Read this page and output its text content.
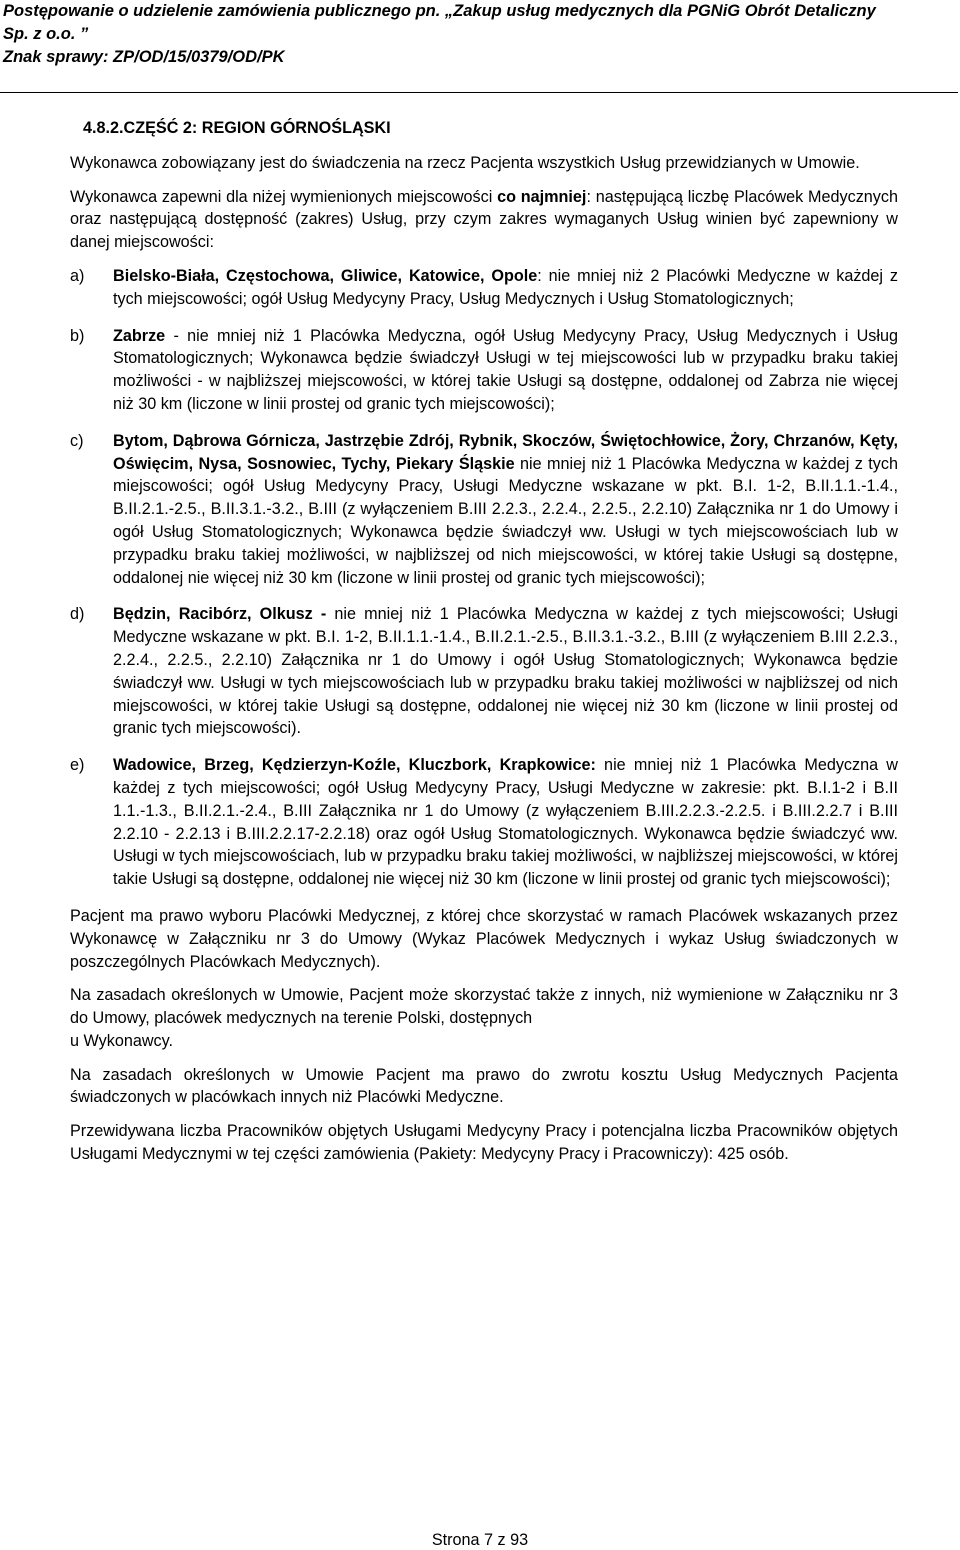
Postępowanie o udzielenie zamówienia publicznego pn. „Zakup usług medycznych dla PGNiG Obrót Detaliczny
Sp. z o.o. ”
Znak sprawy: ZP/OD/15/0379/OD/PK
4.8.2.CZĘŚĆ 2: REGION GÓRNOŚLĄSKI

Wykonawca zobowiązany jest do świadczenia na rzecz Pacjenta wszystkich Usług przewidzianych w Umowie.

Wykonawca zapewni dla niżej wymienionych miejscowości co najmniej: następującą liczbę Placówek Medycznych oraz następującą dostępność (zakres) Usług, przy czym zakres wymaganych Usług winien być zapewniony w danej miejscowości:

a) Bielsko-Biała, Częstochowa, Gliwice, Katowice, Opole: nie mniej niż 2 Placówki Medyczne w każdej z tych miejscowości; ogół Usług Medycyny Pracy, Usług Medycznych i Usług Stomatologicznych;
b) Zabrze - nie mniej niż 1 Placówka Medyczna, ogół Usług Medycyny Pracy, Usług Medycznych i Usług Stomatologicznych; Wykonawca będzie świadczył Usługi w tej miejscowości lub w przypadku braku takiej możliwości - w najbliższej miejscowości, w której takie Usługi są dostępne, oddalonej od Zabrza nie więcej niż 30 km (liczone w linii prostej od granic tych miejscowości);
c) Bytom, Dąbrowa Górnicza, Jastrzębie Zdrój, Rybnik, Skoczów, Świętochłowice, Żory, Chrzanów, Kęty, Oświęcim, Nysa, Sosnowiec, Tychy, Piekary Śląskie nie mniej niż 1 Placówka Medyczna w każdej z tych miejscowości; ogół Usług Medycyny Pracy, Usługi Medyczne wskazane w pkt. B.I. 1-2, B.II.1.1.-1.4., B.II.2.1.-2.5., B.II.3.1.-3.2., B.III (z wyłączeniem B.III 2.2.3., 2.2.4., 2.2.5., 2.2.10) Załącznika nr 1 do Umowy i ogół Usług Stomatologicznych; Wykonawca będzie świadczył ww. Usługi w tych miejscowościach lub w przypadku braku takiej możliwości, w najbliższej od nich miejscowości, w której takie Usługi są dostępne, oddalonej nie więcej niż 30 km (liczone w linii prostej od granic tych miejscowości);
d) Będzin, Racibórz, Olkusz - nie mniej niż 1 Placówka Medyczna w każdej z tych miejscowości; Usługi Medyczne wskazane w pkt. B.I. 1-2, B.II.1.1.-1.4., B.II.2.1.-2.5., B.II.3.1.-3.2., B.III (z wyłączeniem B.III 2.2.3., 2.2.4., 2.2.5., 2.2.10) Załącznika nr 1 do Umowy i ogół Usług Stomatologicznych; Wykonawca będzie świadczył ww. Usługi w tych miejscowościach lub w przypadku braku takiej możliwości w najbliższej od nich miejscowości, w której takie Usługi są dostępne, oddalonej nie więcej niż 30 km (liczone w linii prostej od granic tych miejscowości).
e) Wadowice, Brzeg, Kędzierzyn-Koźle, Kluczbork, Krapkowice: nie mniej niż 1 Placówka Medyczna w każdej z tych miejscowości; ogół Usług Medycyny Pracy, Usługi Medyczne w zakresie: pkt. B.I.1-2 i B.II 1.1.-1.3., B.II.2.1.-2.4., B.III Załącznika nr 1 do Umowy (z wyłączeniem B.III.2.2.3.-2.2.5. i B.III.2.2.7 i B.III 2.2.10 - 2.2.13 i B.III.2.2.17-2.2.18) oraz ogół Usług Stomatologicznych. Wykonawca będzie świadczyć ww. Usługi w tych miejscowościach, lub w przypadku braku takiej możliwości, w najbliższej miejscowości, w której takie Usługi są dostępne, oddalonej nie więcej niż 30 km (liczone w linii prostej od granic tych miejscowości);

Pacjent ma prawo wyboru Placówki Medycznej, z której chce skorzystać w ramach Placówek wskazanych przez Wykonawcę w Załączniku nr 3 do Umowy (Wykaz Placówek Medycznych i wykaz Usług świadczonych w poszczególnych Placówkach Medycznych).

Na zasadach określonych w Umowie, Pacjent może skorzystać także z innych, niż wymienione w Załączniku nr 3 do Umowy, placówek medycznych na terenie Polski, dostępnych
u Wykonawcy.

Na zasadach określonych w Umowie Pacjent ma prawo do zwrotu kosztu Usług Medycznych Pacjenta świadczonych w placówkach innych niż Placówki Medyczne.

Przewidywana liczba Pracowników objętych Usługami Medycyny Pracy i potencjalna liczba Pracowników objętych Usługami Medycznymi w tej części zamówienia (Pakiety: Medycyny Pracy i Pracowniczy): 425 osób.

Strona 7 z 93
